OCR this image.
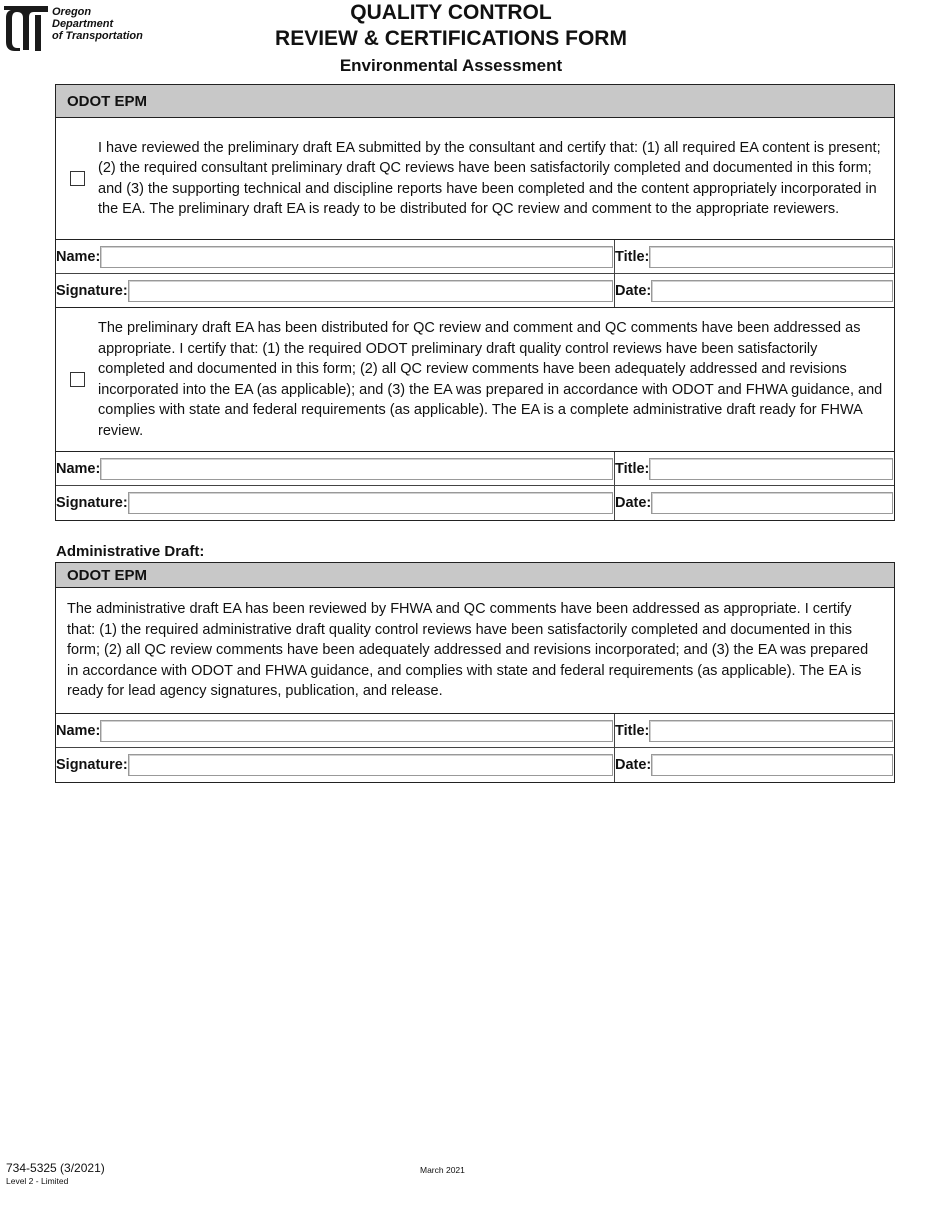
Oregon
Department
of Transportation
QUALITY CONTROL
REVIEW & CERTIFICATIONS FORM
Environmental Assessment
ODOT EPM
I have reviewed the preliminary draft EA submitted by the consultant and certify that: (1) all required EA content is present; (2) the required consultant preliminary draft QC reviews have been satisfactorily completed and documented in this form; and (3) the supporting technical and discipline reports have been completed and the content appropriately incorporated in the EA. The preliminary draft EA is ready to be distributed for QC review and comment to the appropriate reviewers.
Name:	Title:
Signature:	Date:
The preliminary draft EA has been distributed for QC review and comment and QC comments have been addressed as appropriate. I certify that: (1) the required ODOT preliminary draft quality control reviews have been satisfactorily completed and documented in this form; (2) all QC review comments have been adequately addressed and revisions incorporated into the EA (as applicable); and (3) the EA was prepared in accordance with ODOT and FHWA guidance, and complies with state and federal requirements (as applicable). The EA is a complete administrative draft ready for FHWA review.
Name:	Title:
Signature:	Date:
Administrative Draft:
ODOT EPM
The administrative draft EA has been reviewed by FHWA and QC comments have been addressed as appropriate. I certify that: (1) the required administrative draft quality control reviews have been satisfactorily completed and documented in this form; (2) all QC review comments have been adequately addressed and revisions incorporated; and (3) the EA was prepared in accordance with ODOT and FHWA guidance, and complies with state and federal requirements (as applicable). The EA is ready for lead agency signatures, publication, and release.
Name:	Title:
Signature:	Date:
734-5325 (3/2021)
Level 2 - Limited
March 2021
